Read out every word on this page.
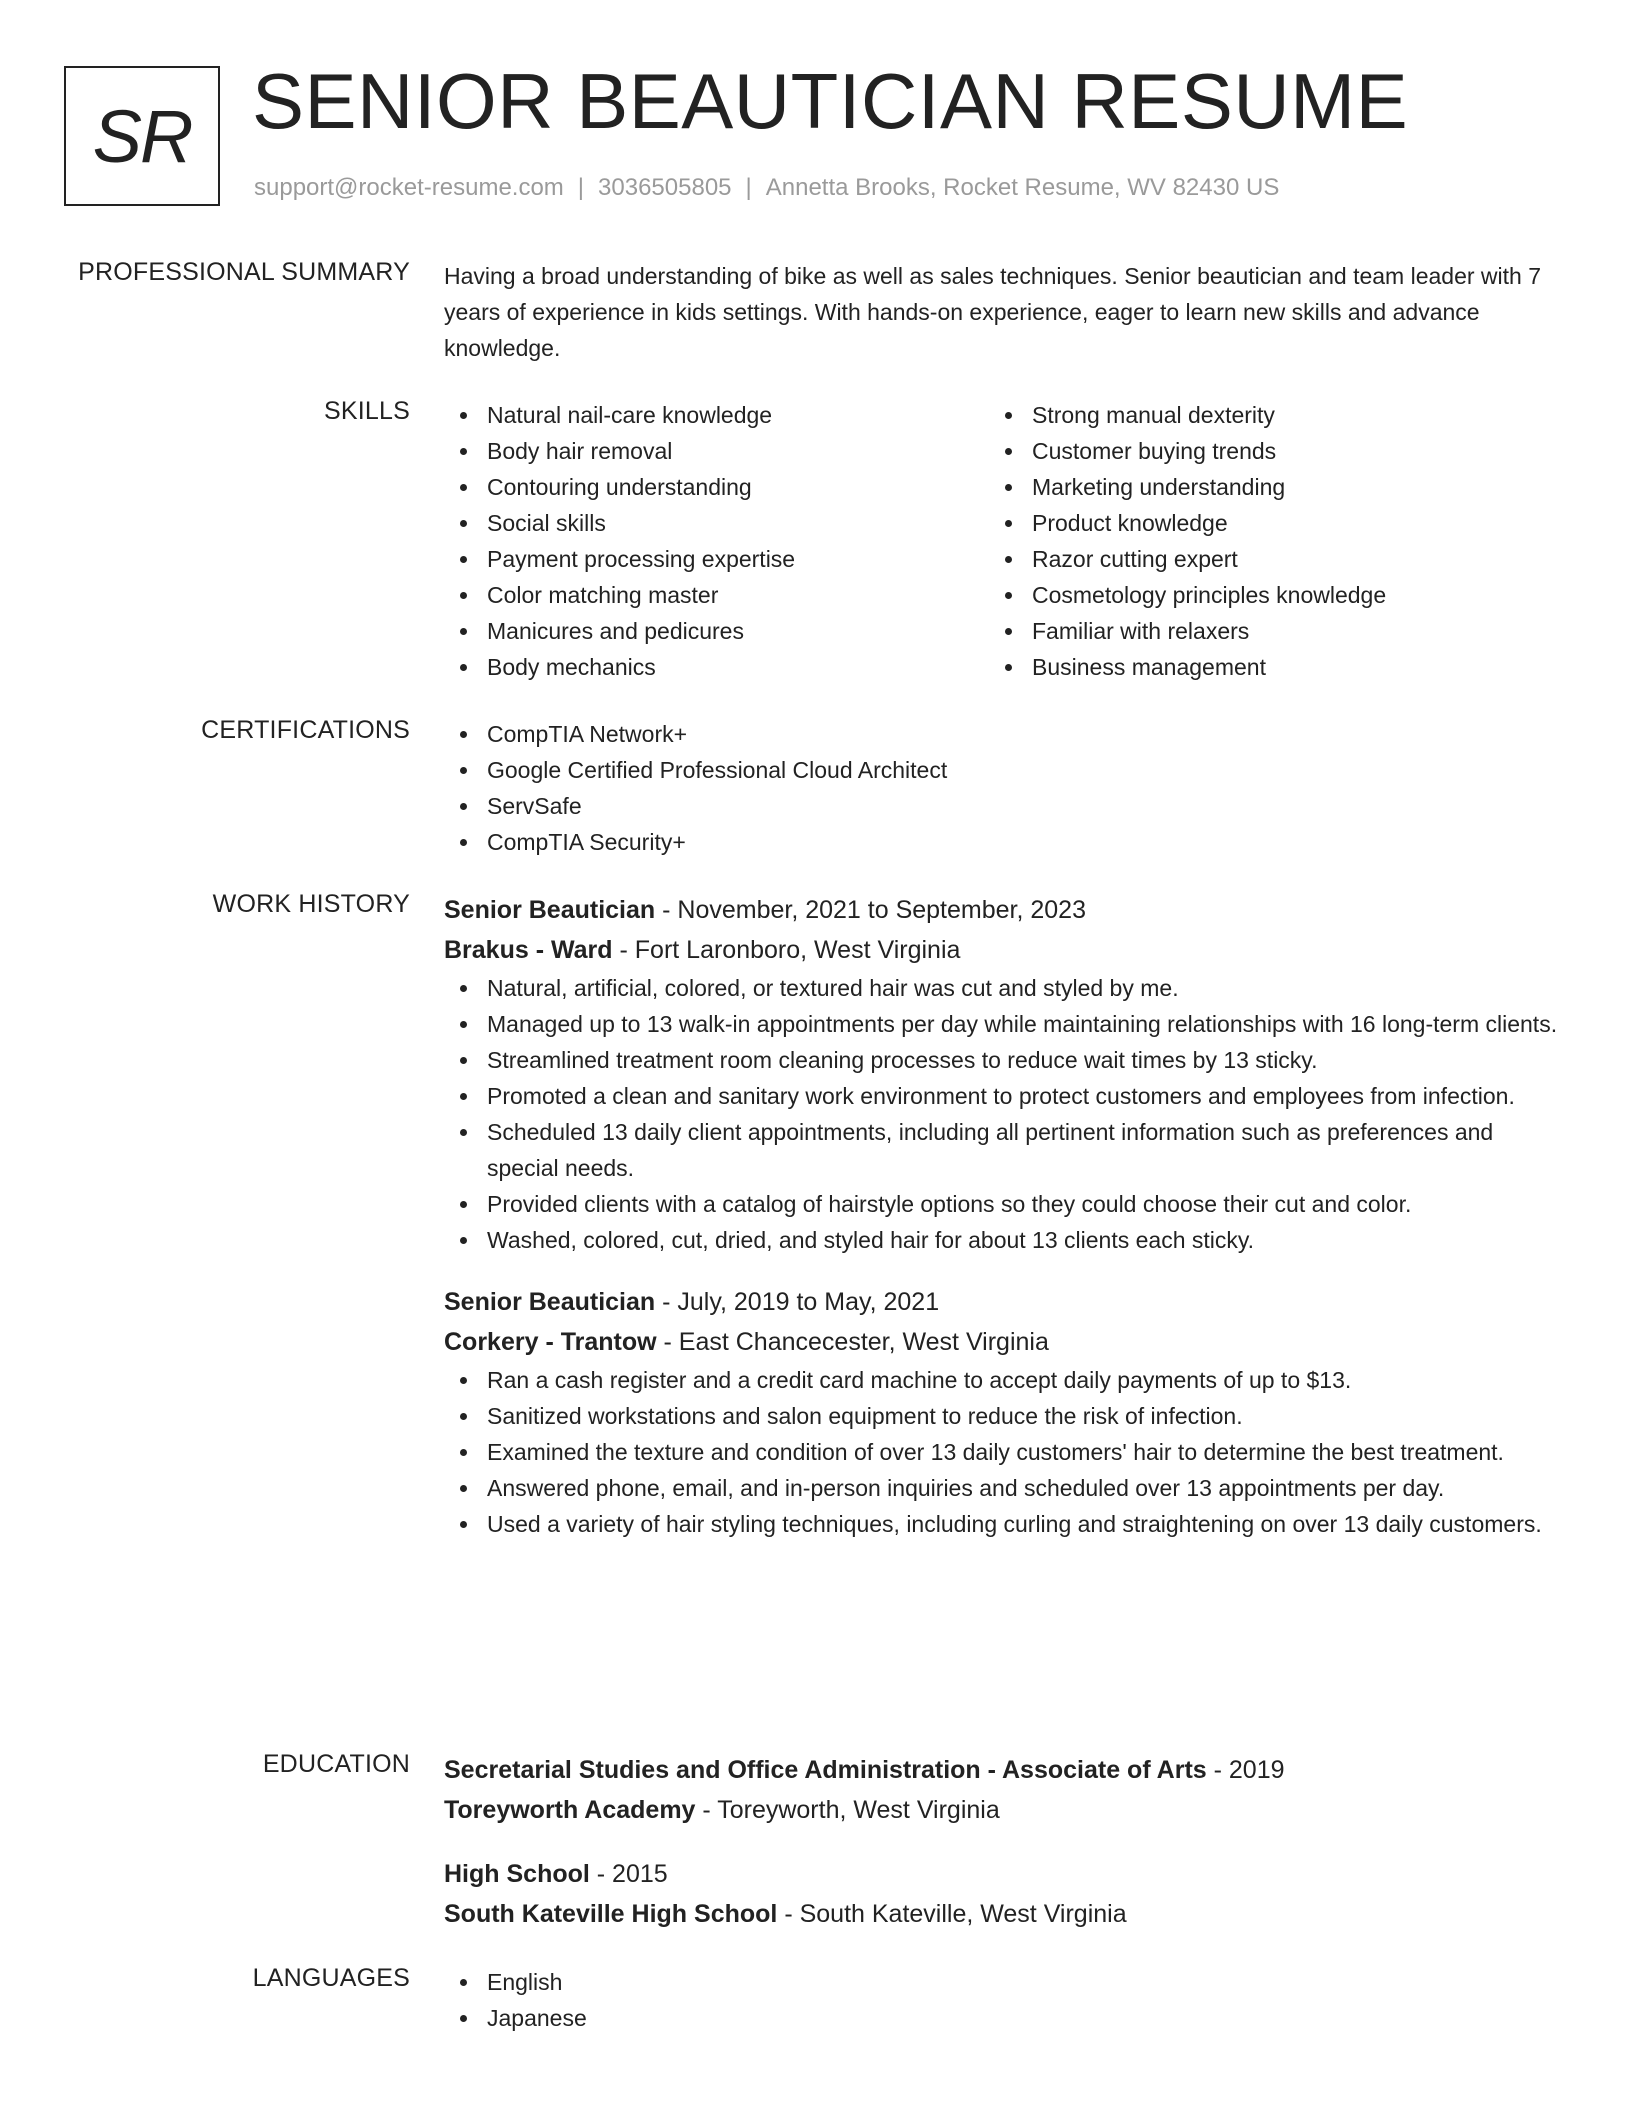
SR SENIOR BEAUTICIAN RESUME
support@rocket-resume.com | 3036505805 | Annetta Brooks, Rocket Resume, WV 82430 US
PROFESSIONAL SUMMARY Having a broad understanding of bike as well as sales techniques. Senior beautician and team leader with 7 years of experience in kids settings. With hands-on experience, eager to learn new skills and advance knowledge.

SKILLS	Natural nail-care knowledge
Body hair removal
Contouring understanding
Social skills
Payment processing expertise
Color matching master
Manicures and pedicures
Body mechanics
Strong manual dexterity
Customer buying trends
Marketing understanding
Product knowledge
Razor cutting expert
Cosmetology principles knowledge
Familiar with relaxers
Business management
CERTIFICATIONS	CompTIA Network+
Google Certified Professional Cloud Architect
ServSafe
CompTIA Security+
WORK HISTORY Senior Beautician - November, 2021 to September, 2023
Brakus - Ward - Fort Laronboro, West Virginia
Natural, artificial, colored, or textured hair was cut and styled by me.
Managed up to 13 walk-in appointments per day while maintaining relationships with 16 long-term clients.
Streamlined treatment room cleaning processes to reduce wait times by 13 sticky.
Promoted a clean and sanitary work environment to protect customers and employees from infection.
Scheduled 13 daily client appointments, including all pertinent information such as preferences and special needs.
Provided clients with a catalog of hairstyle options so they could choose their cut and color.
Washed, colored, cut, dried, and styled hair for about 13 clients each sticky.
Senior Beautician - July, 2019 to May, 2021
Corkery - Trantow - East Chancecester, West Virginia
Ran a cash register and a credit card machine to accept daily payments of up to $13.
Sanitized workstations and salon equipment to reduce the risk of infection.
Examined the texture and condition of over 13 daily customers' hair to determine the best treatment.
Answered phone, email, and in-person inquiries and scheduled over 13 appointments per day.
Used a variety of hair styling techniques, including curling and straightening on over 13 daily customers.
EDUCATION Secretarial Studies and Office Administration - Associate of Arts - 2019
Toreyworth Academy - Toreyworth, West Virginia
High School - 2015
South Kateville High School - South Kateville, West Virginia
LANGUAGES	English
Japanese
